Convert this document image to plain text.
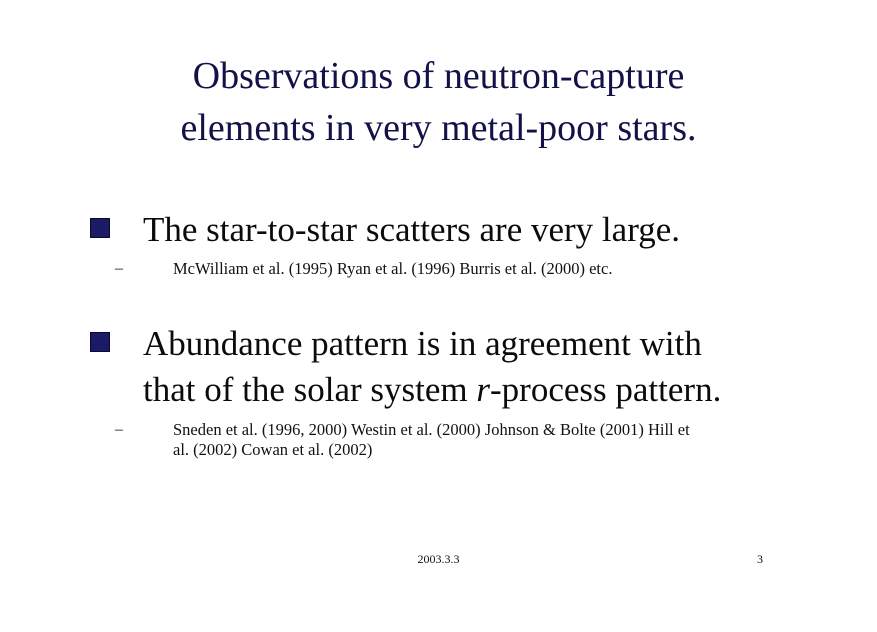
Observations of neutron-capture
elements in very metal-poor stars.
The star-to-star scatters are very large.
–	McWilliam et al. (1995) Ryan et al. (1996) Burris et al. (2000) etc.
Abundance pattern is in agreement with
that of the solar system r-process pattern.
–	Sneden et al. (1996, 2000) Westin et al. (2000) Johnson & Bolte (2001) Hill et
al. (2002) Cowan et al. (2002)
2003.3.3	3
